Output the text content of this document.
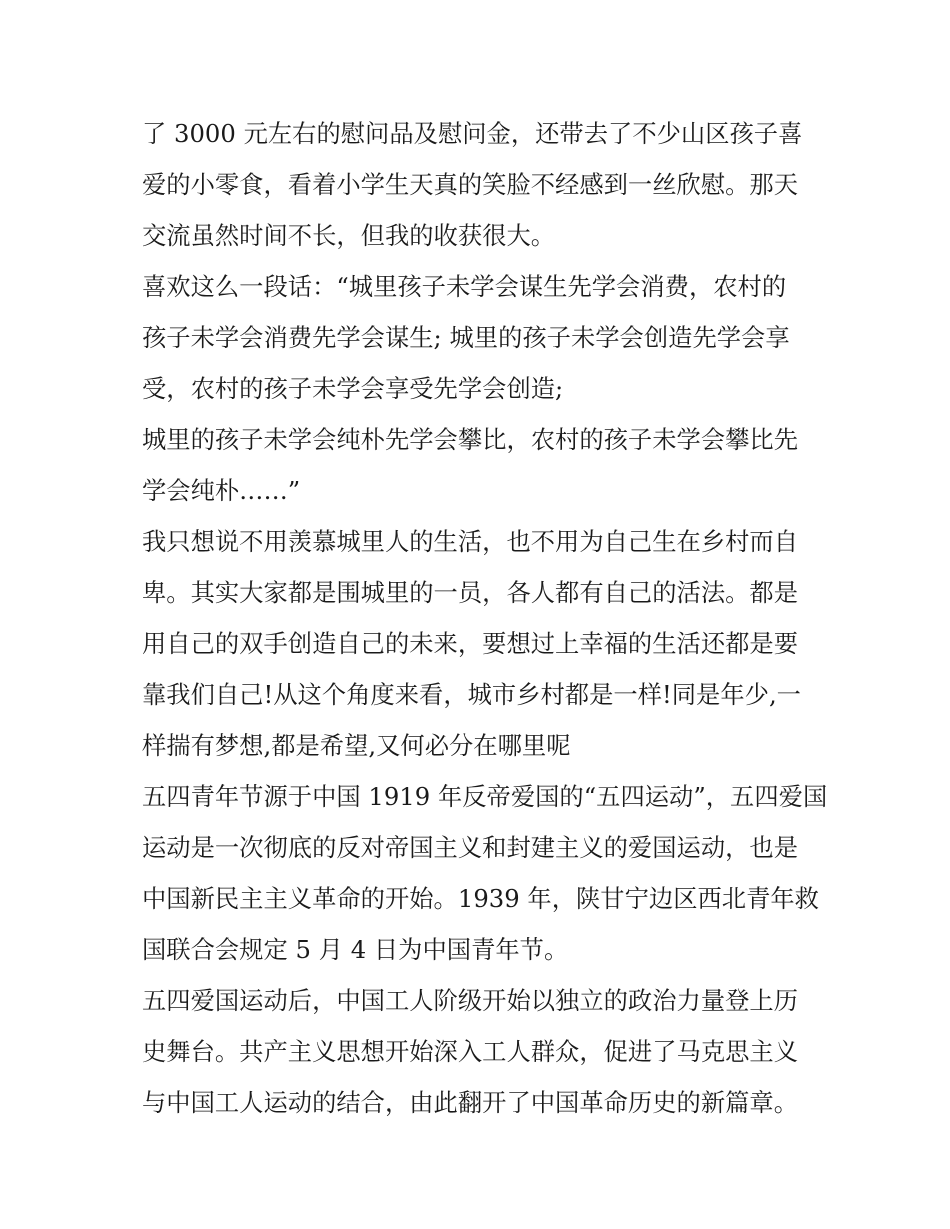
了 3000 元左右的慰问品及慰问金，还带去了不少山区孩子喜
爱的小零食，看着小学生天真的笑脸不经感到一丝欣慰。那天
交流虽然时间不长，但我的收获很大。
喜欢这么一段话：“城里孩子未学会谋生先学会消费，农村的
孩子未学会消费先学会谋生; 城里的孩子未学会创造先学会享
受，农村的孩子未学会享受先学会创造;
城里的孩子未学会纯朴先学会攀比，农村的孩子未学会攀比先
学会纯朴……”
我只想说不用羡慕城里人的生活，也不用为自己生在乡村而自
卑。其实大家都是围城里的一员，各人都有自己的活法。都是
用自己的双手创造自己的未来，要想过上幸福的生活还都是要
靠我们自己!从这个角度来看，城市乡村都是一样!同是年少,一
样揣有梦想,都是希望,又何必分在哪里呢
五四青年节源于中国 1919 年反帝爱国的“五四运动”，五四爱国
运动是一次彻底的反对帝国主义和封建主义的爱国运动，也是
中国新民主主义革命的开始。1939 年，陕甘宁边区西北青年救
国联合会规定 5 月 4 日为中国青年节。
五四爱国运动后，中国工人阶级开始以独立的政治力量登上历
史舞台。共产主义思想开始深入工人群众，促进了马克思主义
与中国工人运动的结合，由此翻开了中国革命历史的新篇章。
